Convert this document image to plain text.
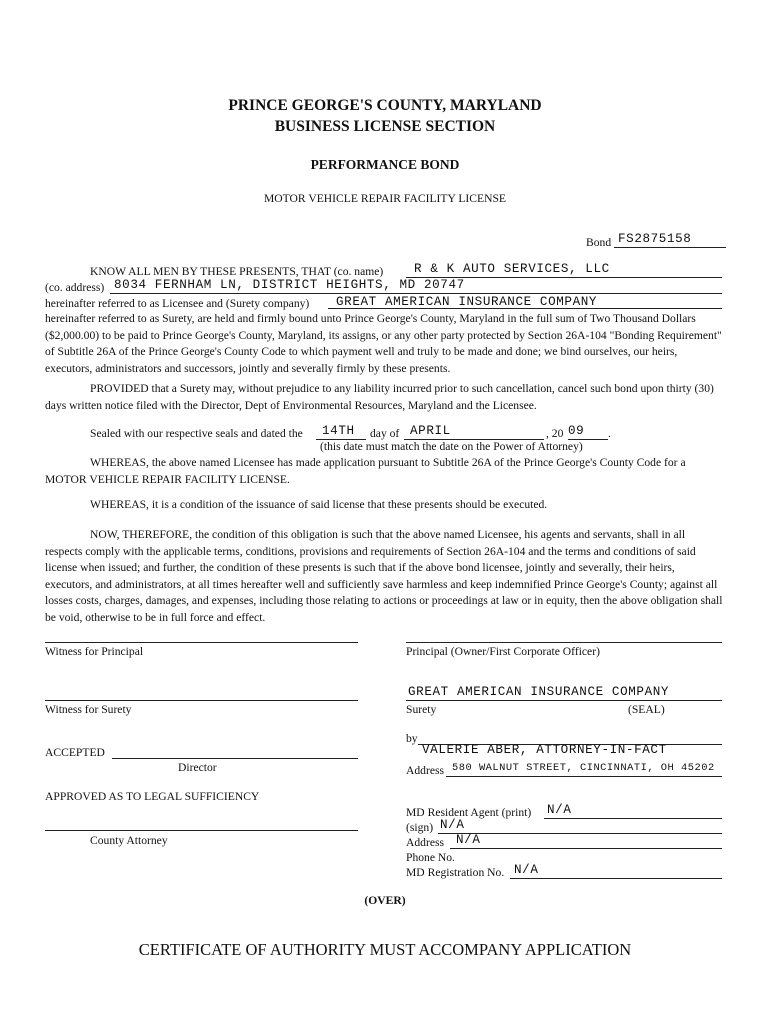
PRINCE GEORGE'S COUNTY, MARYLAND
BUSINESS LICENSE SECTION
PERFORMANCE BOND
MOTOR VEHICLE REPAIR FACILITY LICENSE
Bond FS2875158
KNOW ALL MEN BY THESE PRESENTS, THAT (co. name) R & K AUTO SERVICES, LLC
(co. address) 8034 FERNHAM LN, DISTRICT HEIGHTS, MD 20747
hereinafter referred to as Licensee and (Surety company) GREAT AMERICAN INSURANCE COMPANY
hereinafter referred to as Surety, are held and firmly bound unto Prince George's County, Maryland in the full sum of Two Thousand Dollars ($2,000.00) to be paid to Prince George's County, Maryland, its assigns, or any other party protected by Section 26A-104 "Bonding Requirement" of Subtitle 26A of the Prince George's County Code to which payment well and truly to be made and done; we bind ourselves, our heirs, executors, administrators and successors, jointly and severally firmly by these presents.
PROVIDED that a Surety may, without prejudice to any liability incurred prior to such cancellation, cancel such bond upon thirty (30) days written notice filed with the Director, Dept of Environmental Resources, Maryland and the Licensee.
Sealed with our respective seals and dated the 14TH day of APRIL	, 20 09 .
(this date must match the date on the Power of Attorney)
WHEREAS, the above named Licensee has made application pursuant to Subtitle 26A of the Prince George's County Code for a MOTOR VEHICLE REPAIR FACILITY LICENSE.
WHEREAS, it is a condition of the issuance of said license that these presents should be executed.
NOW, THEREFORE, the condition of this obligation is such that the above named Licensee, his agents and servants, shall in all respects comply with the applicable terms, conditions, provisions and requirements of Section 26A-104 and the terms and conditions of said license when issued; and further, the condition of these presents is such that if the above bond licensee, jointly and severally, their heirs, executors, and administrators, at all times hereafter well and sufficiently save harmless and keep indemnified Prince George's County; against all losses costs, charges, damages, and expenses, including those relating to actions or proceedings at law or in equity, then the above obligation shall be void, otherwise to be in full force and effect.
Witness for Principal
Witness for Surety
ACCEPTED
Director
APPROVED AS TO LEGAL SUFFICIENCY
County Attorney
Principal (Owner/First Corporate Officer)
GREAT AMERICAN INSURANCE COMPANY
Surety	(SEAL)
by
VALERIE ABER, ATTORNEY-IN-FACT
Address 580 WALNUT STREET, CINCINNATI, OH 45202
MD Resident Agent (print) N/A
(sign) N/A
Address N/A
Phone No.
MD Registration No. N/A
(OVER)
CERTIFICATE OF AUTHORITY MUST ACCOMPANY APPLICATION
